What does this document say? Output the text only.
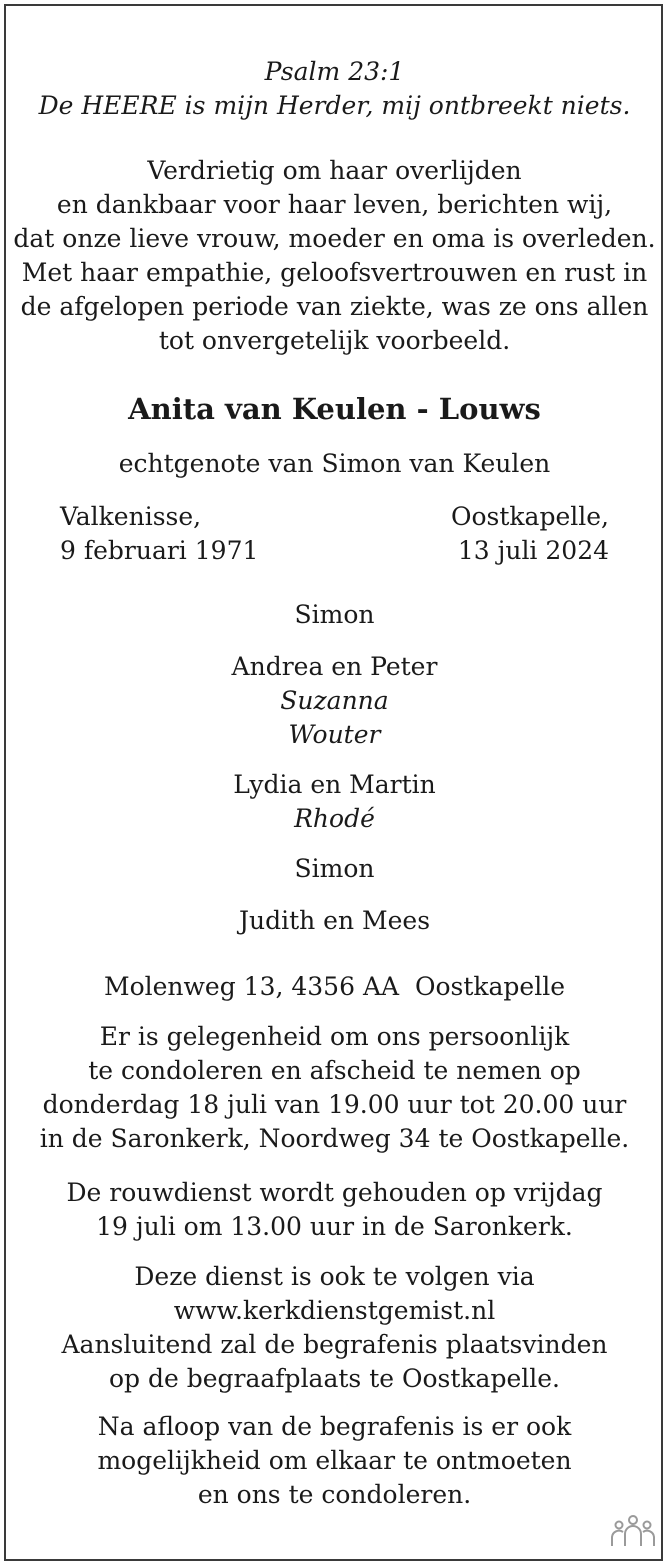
Psalm 23:1
De HEERE is mijn Herder, mij ontbreekt niets.
Verdrietig om haar overlijden
en dankbaar voor haar leven, berichten wij,
dat onze lieve vrouw, moeder en oma is overleden.
Met haar empathie, geloofsvertrouwen en rust in
de afgelopen periode van ziekte, was ze ons allen
tot onvergetelijk voorbeeld.
Anita van Keulen - Louws
echtgenote van Simon van Keulen
Valkenisse,
9 februari 1971
Oostkapelle,
13 juli 2024
Simon
Andrea en Peter
Suzanna
Wouter
Lydia en Martin
Rhodé
Simon
Judith en Mees
Molenweg 13, 4356 AA  Oostkapelle
Er is gelegenheid om ons persoonlijk
te condoleren en afscheid te nemen op
donderdag 18 juli van 19.00 uur tot 20.00 uur
in de Saronkerk, Noordweg 34 te Oostkapelle.
De rouwdienst wordt gehouden op vrijdag
19 juli om 13.00 uur in de Saronkerk.
Deze dienst is ook te volgen via
www.kerkdienstgemist.nl
Aansluitend zal de begrafenis plaatsvinden
op de begraafplaats te Oostkapelle.
Na afloop van de begrafenis is er ook
mogelijkheid om elkaar te ontmoeten
en ons te condoleren.
